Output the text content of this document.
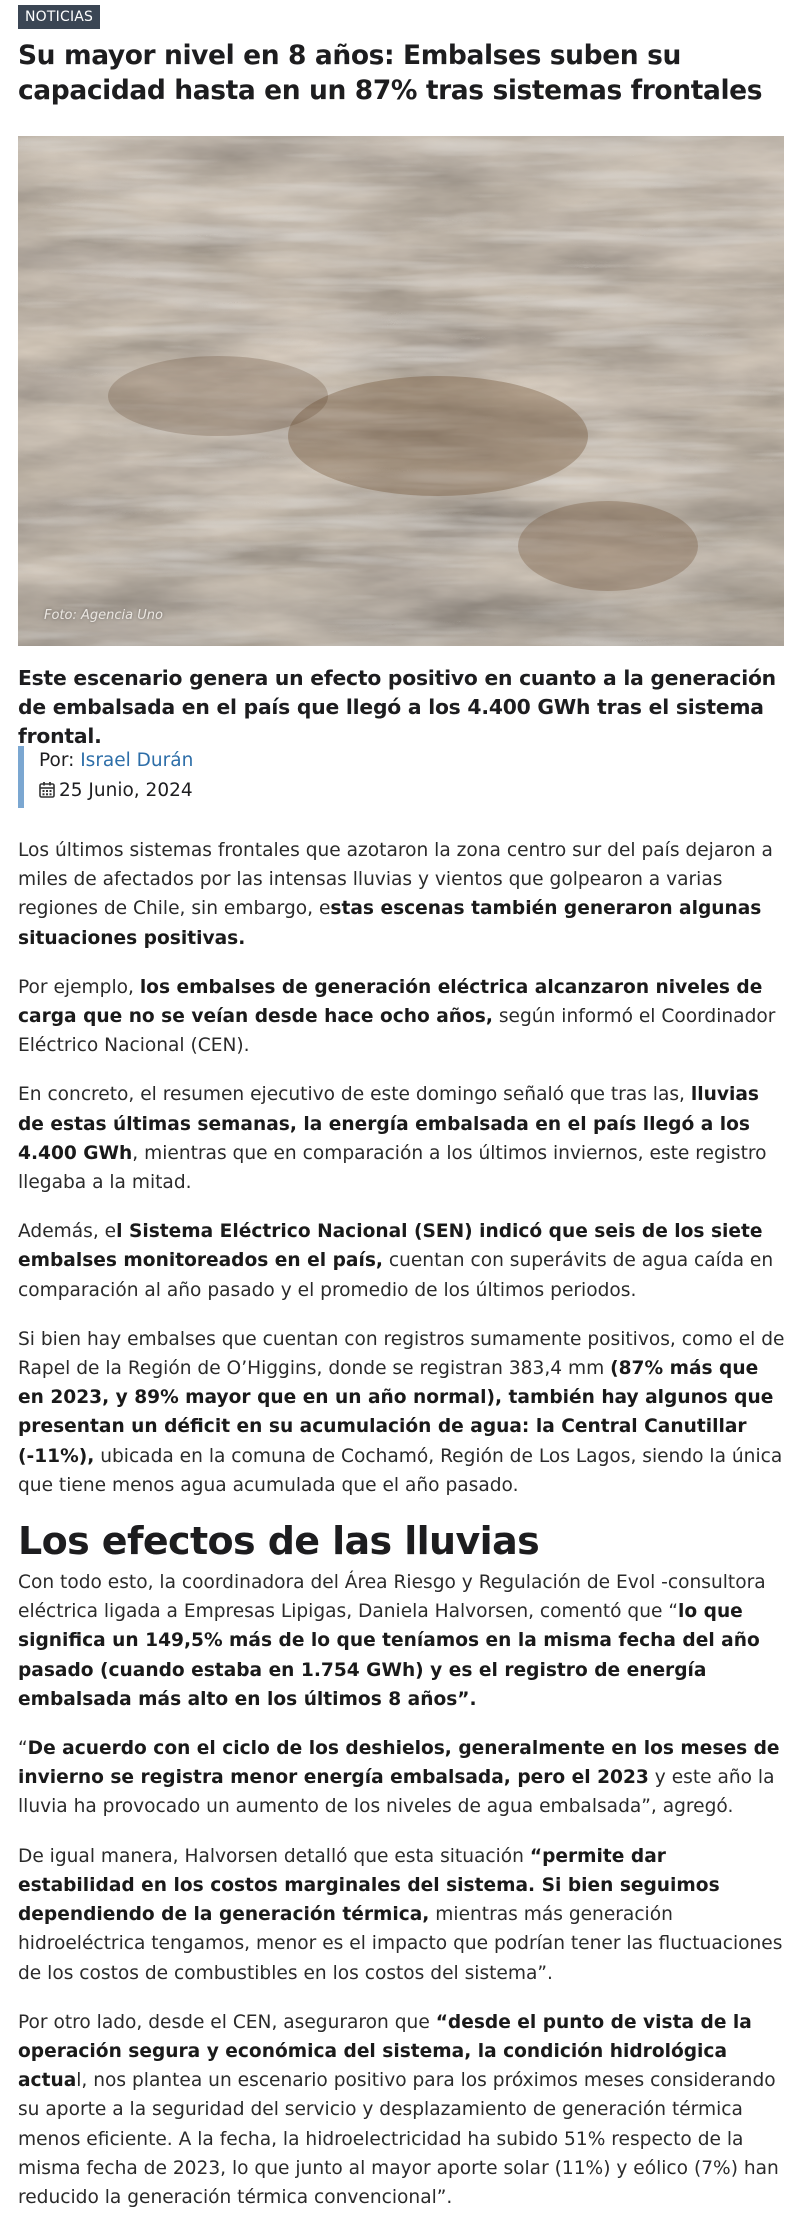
NOTICIAS
Su mayor nivel en 8 años: Embalses suben su capacidad hasta en un 87% tras sistemas frontales
Foto: Agencia Uno

Este escenario genera un efecto positivo en cuanto a la generación de embalsada en el país que llegó a los 4.400 GWh tras el sistema frontal.

Por: Israel Durán
25 Junio, 2024

Los últimos sistemas frontales que azotaron la zona centro sur del país dejaron a miles de afectados por las intensas lluvias y vientos que golpearon a varias regiones de Chile, sin embargo, estas escenas también generaron algunas situaciones positivas.

Por ejemplo, los embalses de generación eléctrica alcanzaron niveles de carga que no se veían desde hace ocho años, según informó el Coordinador Eléctrico Nacional (CEN).

En concreto, el resumen ejecutivo de este domingo señaló que tras las, lluvias de estas últimas semanas, la energía embalsada en el país llegó a los 4.400 GWh, mientras que en comparación a los últimos inviernos, este registro llegaba a la mitad.

Además, el Sistema Eléctrico Nacional (SEN) indicó que seis de los siete embalses monitoreados en el país, cuentan con superávits de agua caída en comparación al año pasado y el promedio de los últimos periodos.

Si bien hay embalses que cuentan con registros sumamente positivos, como el de Rapel de la Región de O’Higgins, donde se registran 383,4 mm (87% más que en 2023, y 89% mayor que en un año normal), también hay algunos que presentan un déficit en su acumulación de agua: la Central Canutillar (-11%), ubicada en la comuna de Cochamó, Región de Los Lagos, siendo la única que tiene menos agua acumulada que el año pasado.

Los efectos de las lluvias

Con todo esto, la coordinadora del Área Riesgo y Regulación de Evol -consultora eléctrica ligada a Empresas Lipigas, Daniela Halvorsen, comentó que “lo que significa un 149,5% más de lo que teníamos en la misma fecha del año pasado (cuando estaba en 1.754 GWh) y es el registro de energía embalsada más alto en los últimos 8 años”.

“De acuerdo con el ciclo de los deshielos, generalmente en los meses de invierno se registra menor energía embalsada, pero el 2023 y este año la lluvia ha provocado un aumento de los niveles de agua embalsada”, agregó.

De igual manera, Halvorsen detalló que esta situación “permite dar estabilidad en los costos marginales del sistema. Si bien seguimos dependiendo de la generación térmica, mientras más generación hidroeléctrica tengamos, menor es el impacto que podrían tener las fluctuaciones de los costos de combustibles en los costos del sistema”.

Por otro lado, desde el CEN, aseguraron que “desde el punto de vista de la operación segura y económica del sistema, la condición hidrológica actual, nos plantea un escenario positivo para los próximos meses considerando su aporte a la seguridad del servicio y desplazamiento de generación térmica menos eficiente. A la fecha, la hidroelectricidad ha subido 51% respecto de la misma fecha de 2023, lo que junto al mayor aporte solar (11%) y eólico (7%) han reducido la generación térmica convencional”.
